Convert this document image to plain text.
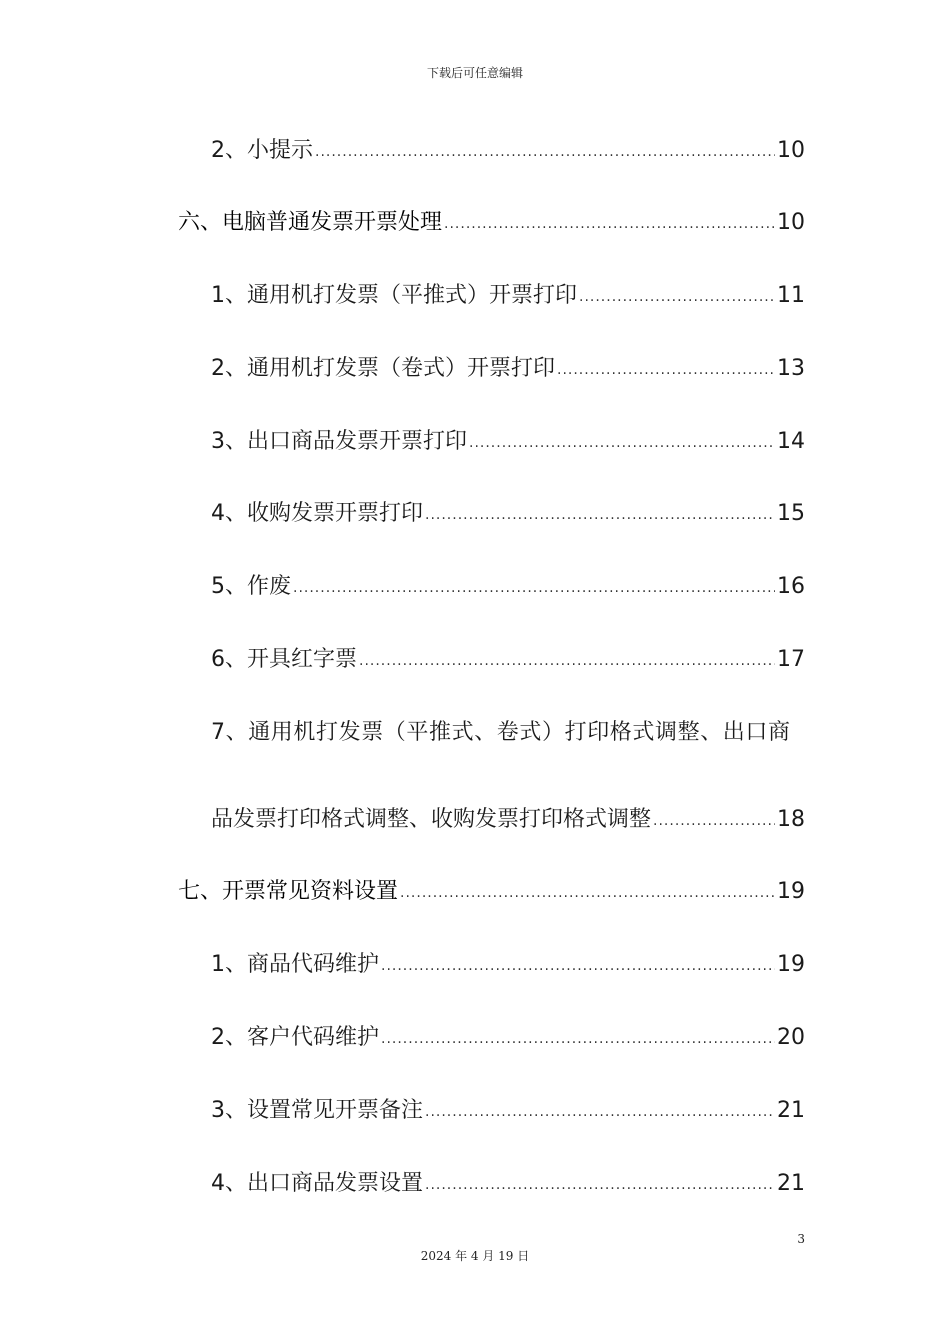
下载后可任意编辑
2、小提示 .....	10
六、电脑普通发票开票处理 .....	10
1、通用机打发票（平推式）开票打印 .....	11
2、通用机打发票（卷式）开票打印 .....	13
3、出口商品发票开票打印 .....	14
4、收购发票开票打印 .....	15
5、作废 .....	16
6、开具红字票 .....	17
7、通用机打发票（平推式、卷式）打印格式调整、出口商
品发票打印格式调整、收购发票打印格式调整 .....	18
七、开票常见资料设置 .....	19
1、商品代码维护 .....	19
2、客户代码维护 .....	20
3、设置常见开票备注 .....	21
4、出口商品发票设置 .....	21
3
2024 年 4 月 19 日
